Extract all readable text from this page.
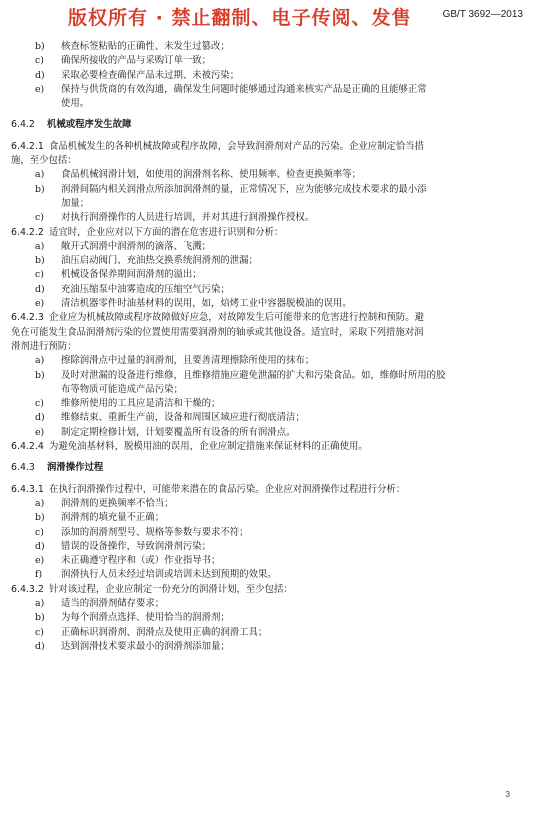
版权所有 · 禁止翻制、电子传阅、发售	GB/T 3692—2013
b) 核查标签粘贴的正确性、未发生过篡改；
c) 确保所接收的产品与采购订单一致；
d) 采取必要检查确保产品未过期、未被污染；
e) 保持与供货商的有效沟通，确保发生问题时能够通过沟通来核实产品是正确的且能够正常
使用。
6.4.2 机械或程序发生故障
6.4.2.1 食品机械发生的各种机械故障或程序故障，会导致润滑剂对产品的污染。企业应制定恰当措
施，至少包括：
a) 食品机械润滑计划，如使用的润滑剂名称、使用频率、检查更换频率等；
b) 润滑间隔内相关润滑点所添加润滑剂的量，正常情况下，应为能够完成技术要求的最小添
加量；
c) 对执行润滑操作的人员进行培训，并对其进行润滑操作授权。
6.4.2.2 适宜时，企业应对以下方面的潜在危害进行识别和分析：
a) 敞开式润滑中润滑剂的滴落、飞溅；
b) 油压启动阀门、充油热交换系统润滑剂的泄漏；
c) 机械设备保养期间润滑剂的溢出；
d) 充油压缩泵中油雾造成的压缩空气污染；
e) 清洁机器零件时油基材料的误用，如，焙烤工业中容器脱模油的误用。
6.4.2.3 企业应为机械故障或程序故障做好应急，对故障发生后可能带来的危害进行控制和预防。避
免在可能发生食品润滑剂污染的位置使用需要润滑剂的轴承或其他设备。适宜时，采取下列措施对润
滑剂进行预防：
a) 擦除润滑点中过量的润滑剂，且要善清理擦除所使用的抹布；
b) 及时对泄漏的设备进行维修，且维修措施应避免泄漏的扩大和污染食品。如，维修时所用的胶
布等物质可能造成产品污染；
c) 维修所使用的工具应是清洁和干燥的；
d) 维修结束、重新生产前，设备和周围区域应进行彻底清洁；
e) 制定定期检修计划，计划要覆盖所有设备的所有润滑点。
6.4.2.4 为避免油基材料，脱模用油的误用，企业应制定措施来保证材料的正确使用。
6.4.3 润滑操作过程
6.4.3.1 在执行润滑操作过程中，可能带来潜在的食品污染。企业应对润滑操作过程进行分析：
a) 润滑剂的更换频率不恰当；
b) 润滑剂的填充量不正确；
c) 添加的润滑剂型号、规格等参数与要求不符；
d) 错误的设备操作，导致润滑剂污染；
e) 未正确遵守程序和（或）作业指导书；
f) 润滑执行人员未经过培训或培训未达到预期的效果。
6.4.3.2 针对该过程，企业应制定一份充分的润滑计划，至少包括：
a) 适当的润滑剂储存要求；
b) 为每个润滑点选择、使用恰当的润滑剂；
c) 正确标识润滑剂、润滑点及使用正确的润滑工具；
d) 达到润滑技术要求最小的润滑剂添加量；
3
